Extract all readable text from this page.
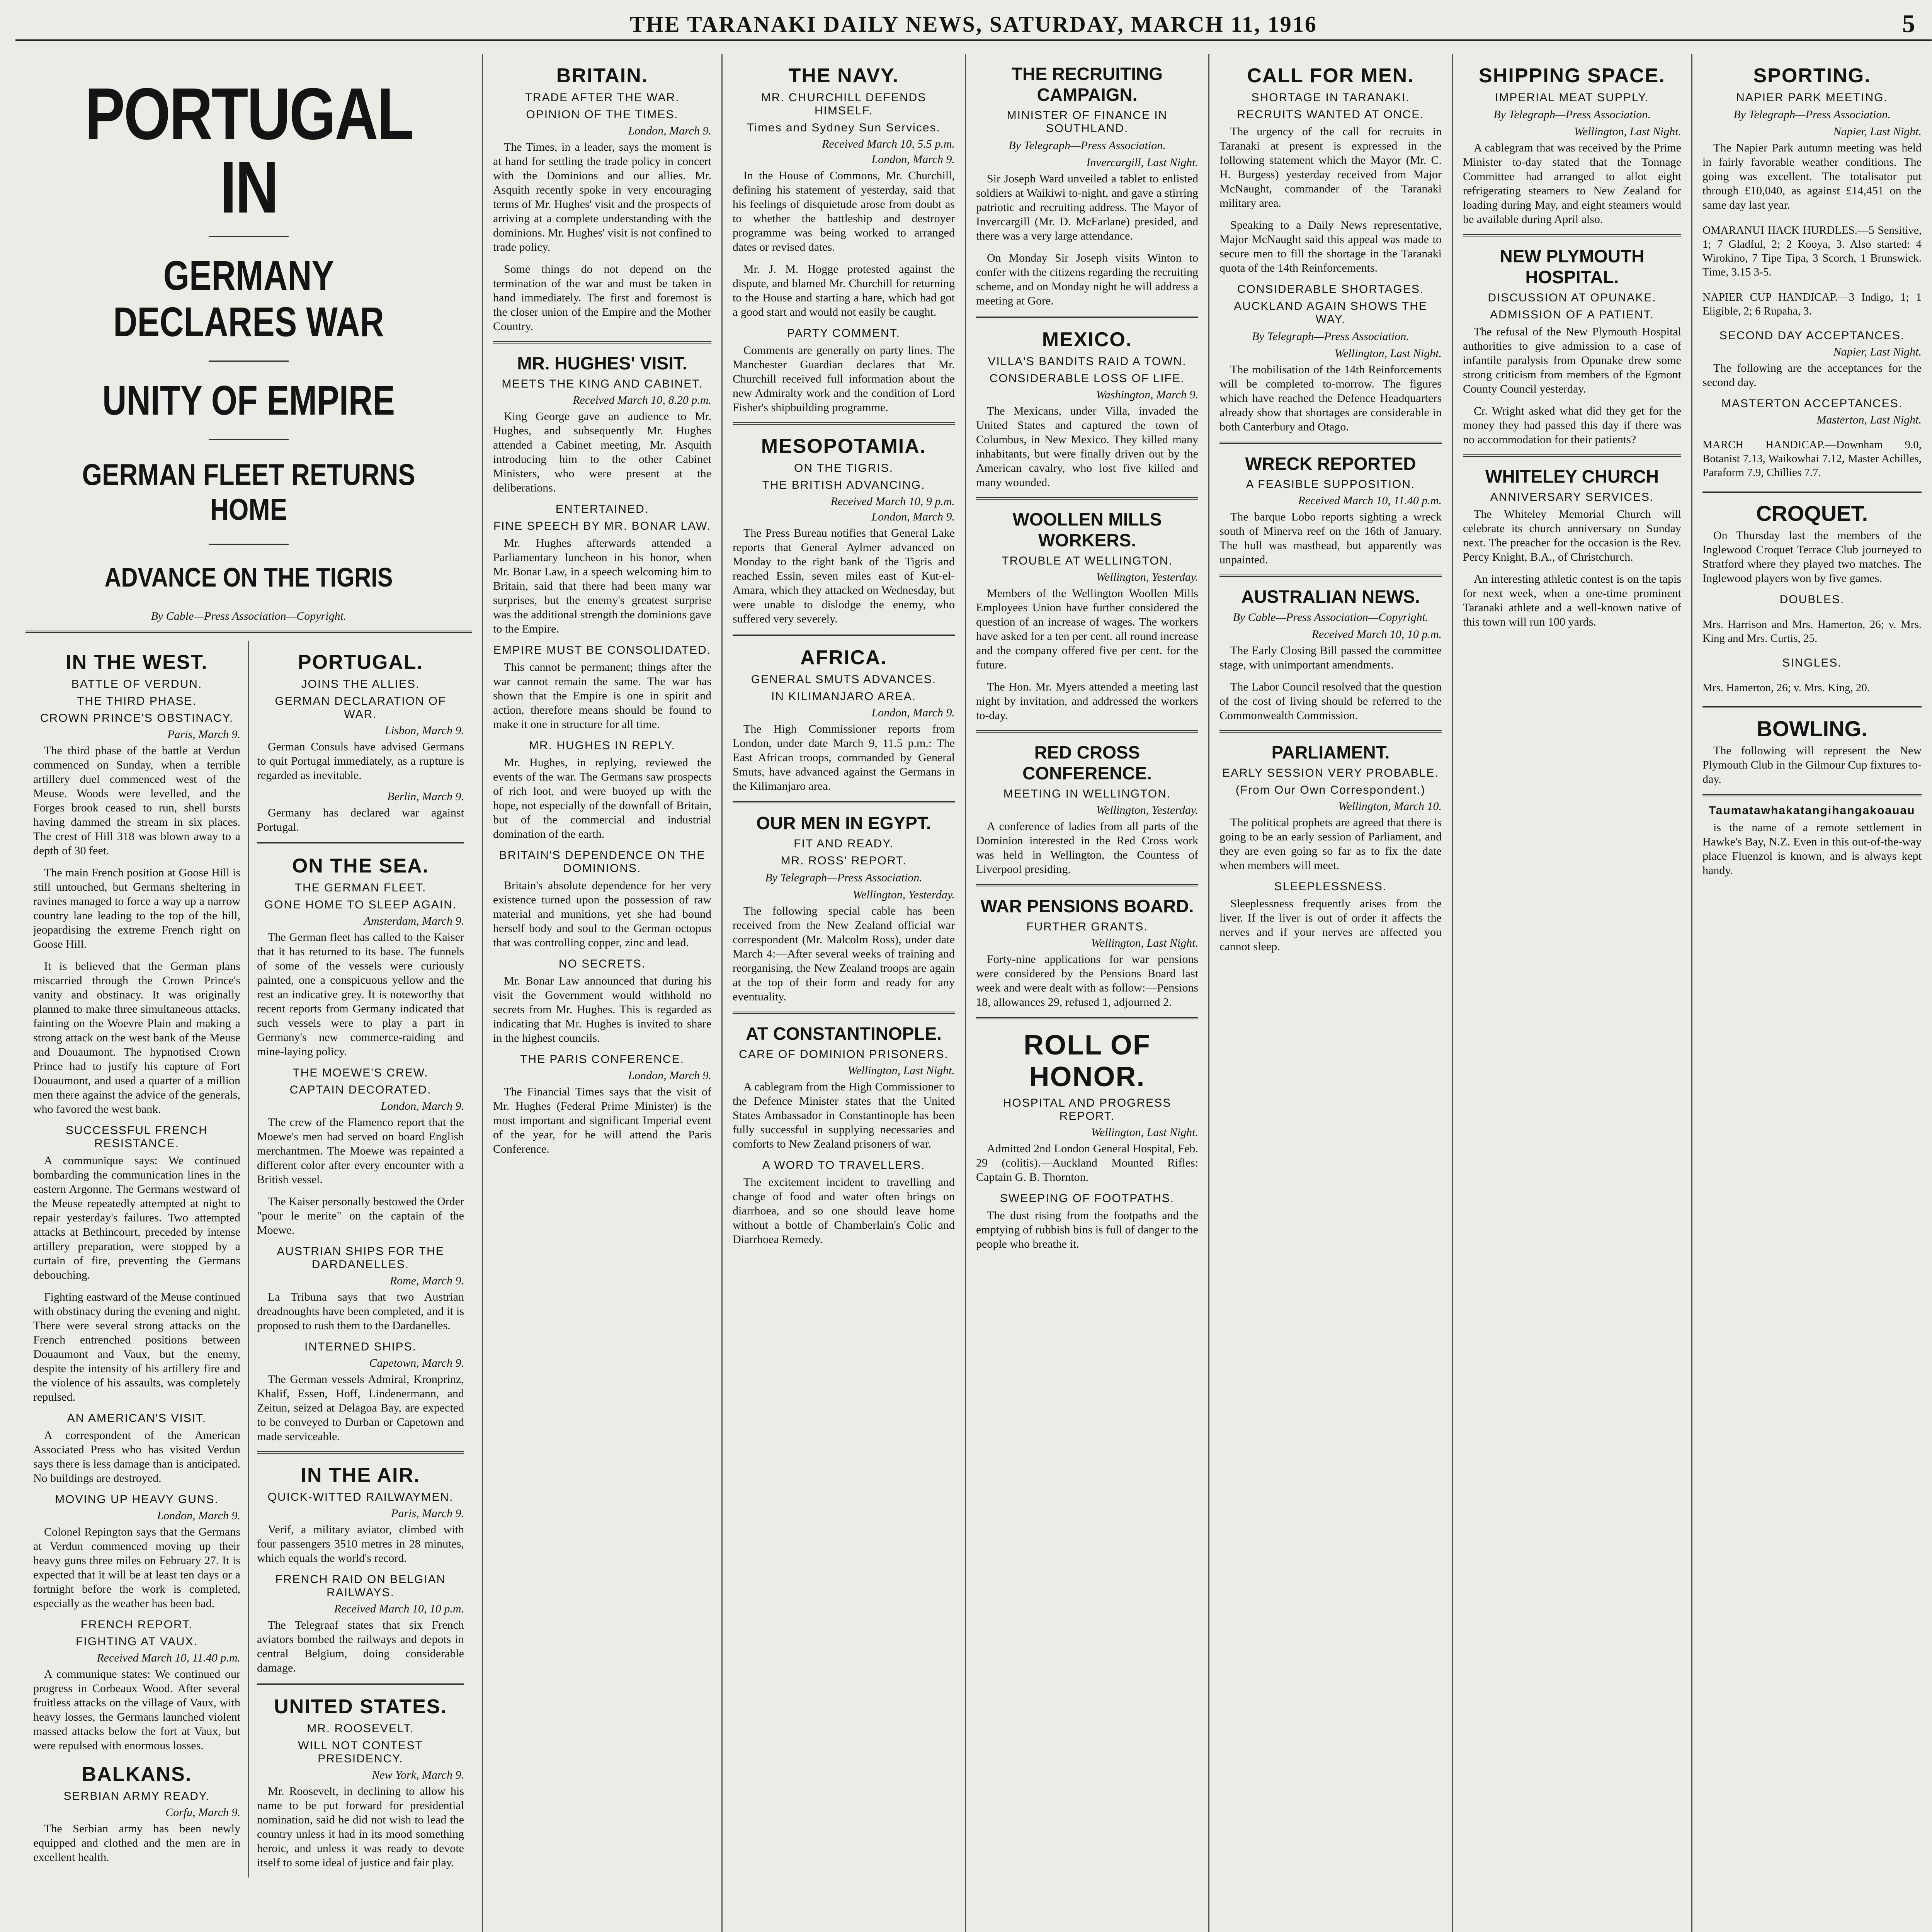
THE TARANAKI DAILY NEWS, SATURDAY, MARCH 11, 1916	5
PORTUGAL IN
GERMANY DECLARES WAR
UNITY OF EMPIRE
GERMAN FLEET RETURNS HOME
ADVANCE ON THE TIGRIS
By Cable—Press Association—Copyright.
IN THE WEST.
BATTLE OF VERDUN.
THE THIRD PHASE.
CROWN PRINCE'S OBSTINACY.
Paris, March 9.

The third phase of the battle at Verdun commenced on Sunday, when a terrible artillery duel commenced west of the Meuse. Woods were levelled, and the Forges brook ceased to run, shell bursts having dammed the stream in six places. The crest of Hill 318 was blown away to a depth of 30 feet.

The main French position at Goose Hill is still untouched, but Germans sheltering in ravines managed to force a way up a narrow country lane leading to the top of the hill, jeopardising the extreme French right on Goose Hill.

It is believed that the German plans miscarried through the Crown Prince's vanity and obstinacy. It was originally planned to make three simultaneous attacks, fainting on the Woevre Plain and making a strong attack on the west bank of the Meuse and Douaumont. The hypnotised Crown Prince had to justify his capture of Fort Douaumont, and used a quarter of a million men there against the advice of the generals, who favored the west bank.

SUCCESSFUL FRENCH RESISTANCE.

A communique says: We continued bombarding the communication lines in the eastern Argonne. The Germans westward of the Meuse repeatedly attempted at night to repair yesterday's failures. Two attempted attacks at Bethincourt, preceded by intense artillery preparation, were stopped by a curtain of fire, preventing the Germans debouching.

Fighting eastward of the Meuse continued with obstinacy during the evening and night. There were several strong attacks on the French entrenched positions between Douaumont and Vaux, but the enemy, despite the intensity of his artillery fire and the violence of his assaults, was completely repulsed.

AN AMERICAN'S VISIT.

A correspondent of the American Associated Press who has visited Verdun says there is less damage than is anticipated. No buildings are destroyed.

MOVING UP HEAVY GUNS.
London, March 9.

Colonel Repington says that the Germans at Verdun commenced moving up their heavy guns three miles on February 27. It is expected that it will be at least ten days or a fortnight before the work is completed, especially as the weather has been bad.

FRENCH REPORT.
FIGHTING AT VAUX.
Received March 10, 11.40 p.m.

A communique states: We continued our progress in Corbeaux Wood. After several fruitless attacks on the village of Vaux, with heavy losses, the Germans launched violent massed attacks below the fort at Vaux, but were repulsed with enormous losses.

BALKANS.
SERBIAN ARMY READY.
Corfu, March 9.

The Serbian army has been newly equipped and clothed and the men are in excellent health.

PORTUGAL.
JOINS THE ALLIES.
GERMAN DECLARATION OF WAR.
Lisbon, March 9.

German Consuls have advised Germans to quit Portugal immediately, as a rupture is regarded as inevitable.

Berlin, March 9.

Germany has declared war against Portugal.

ON THE SEA.
THE GERMAN FLEET.
GONE HOME TO SLEEP AGAIN.
Amsterdam, March 9.

The German fleet has called to the Kaiser that it has returned to its base. The funnels of some of the vessels were curiously painted, one a conspicuous yellow and the rest an indicative grey. It is noteworthy that recent reports from Germany indicated that such vessels were to play a part in Germany's new commerce-raiding and mine-laying policy.

THE MOEWE'S CREW.
CAPTAIN DECORATED.
London, March 9.

The crew of the Flamenco report that the Moewe's men had served on board English merchantmen. The Moewe was repainted a different color after every encounter with a British vessel.

The Kaiser personally bestowed the Order "pour le merite" on the captain of the Moewe.

AUSTRIAN SHIPS FOR THE DARDANELLES.
Rome, March 9.

La Tribuna says that two Austrian dreadnoughts have been completed, and it is proposed to rush them to the Dardanelles.

INTERNED SHIPS.
Capetown, March 9.

The German vessels Admiral, Kronprinz, Khalif, Essen, Hoff, Lindenermann, and Zeitun, seized at Delagoa Bay, are expected to be conveyed to Durban or Capetown and made serviceable.

IN THE AIR.
QUICK-WITTED RAILWAYMEN.
Paris, March 9.

Verif, a military aviator, climbed with four passengers 3510 metres in 28 minutes, which equals the world's record.

FRENCH RAID ON BELGIAN RAILWAYS.
Received March 10, 10 p.m.

The Telegraaf states that six French aviators bombed the railways and depots in central Belgium, doing considerable damage.

UNITED STATES.
MR. ROOSEVELT.
WILL NOT CONTEST PRESIDENCY.
New York, March 9.

Mr. Roosevelt, in declining to allow his name to be put forward for presidential nomination, said he did not wish to lead the country unless it had in its mood something heroic, and unless it was ready to devote itself to some ideal of justice and fair play.

BRITAIN.
TRADE AFTER THE WAR.
OPINION OF THE TIMES.
London, March 9.

The Times, in a leader, says the moment is at hand for settling the trade policy in concert with the Dominions and our allies. Mr. Asquith recently spoke in very encouraging terms of Mr. Hughes' visit and the prospects of arriving at a complete understanding with the dominions. Mr. Hughes' visit is not confined to trade policy.

Some things do not depend on the termination of the war and must be taken in hand immediately. The first and foremost is the closer union of the Empire and the Mother Country.

MR. HUGHES' VISIT.
MEETS THE KING AND CABINET.
Received March 10, 8.20 p.m.

King George gave an audience to Mr. Hughes, and subsequently Mr. Hughes attended a Cabinet meeting, Mr. Asquith introducing him to the other Cabinet Ministers, who were present at the deliberations.

ENTERTAINED.
FINE SPEECH BY MR. BONAR LAW.

Mr. Hughes afterwards attended a Parliamentary luncheon in his honor, when Mr. Bonar Law, in a speech welcoming him to Britain, said that there had been many war surprises, but the enemy's greatest surprise was the additional strength the dominions gave to the Empire.

EMPIRE MUST BE CONSOLIDATED.

This cannot be permanent; things after the war cannot remain the same. The war has shown that the Empire is one in spirit and action, therefore means should be found to make it one in structure for all time.

MR. HUGHES IN REPLY.

Mr. Hughes, in replying, reviewed the events of the war. The Germans saw prospects of rich loot, and were buoyed up with the hope, not especially of the downfall of Britain, but of the commercial and industrial domination of the earth.

BRITAIN'S DEPENDENCE ON THE DOMINIONS.

Britain's absolute dependence for her very existence turned upon the possession of raw material and munitions, yet she had bound herself body and soul to the German octopus that was controlling copper, zinc and lead.

NO SECRETS.

Mr. Bonar Law announced that during his visit the Government would withhold no secrets from Mr. Hughes. This is regarded as indicating that Mr. Hughes is invited to share in the highest councils.

THE PARIS CONFERENCE.
London, March 9.

The Financial Times says that the visit of Mr. Hughes (Federal Prime Minister) is the most important and significant Imperial event of the year, for he will attend the Paris Conference.

THE NAVY.
MR. CHURCHILL DEFENDS HIMSELF.
Times and Sydney Sun Services.
Received March 10, 5.5 p.m.
London, March 9.

In the House of Commons, Mr. Churchill, defining his statement of yesterday, said that his feelings of disquietude arose from doubt as to whether the battleship and destroyer programme was being worked to arranged dates or revised dates.

Mr. J. M. Hogge protested against the dispute, and blamed Mr. Churchill for returning to the House and starting a hare, which had got a good start and would not easily be caught.

PARTY COMMENT.

Comments are generally on party lines. The Manchester Guardian declares that Mr. Churchill received full information about the new Admiralty work and the condition of Lord Fisher's shipbuilding programme.

MESOPOTAMIA.
ON THE TIGRIS.
THE BRITISH ADVANCING.
Received March 10, 9 p.m.
London, March 9.

The Press Bureau notifies that General Lake reports that General Aylmer advanced on Monday to the right bank of the Tigris and reached Essin, seven miles east of Kut-el-Amara, which they attacked on Wednesday, but were unable to dislodge the enemy, who suffered very severely.

AFRICA.
GENERAL SMUTS ADVANCES.
IN KILIMANJARO AREA.
London, March 9.

The High Commissioner reports from London, under date March 9, 11.5 p.m.: The East African troops, commanded by General Smuts, have advanced against the Germans in the Kilimanjaro area.

OUR MEN IN EGYPT.
FIT AND READY.
MR. ROSS' REPORT.
By Telegraph—Press Association.
Wellington, Yesterday.

The following special cable has been received from the New Zealand official war correspondent (Mr. Malcolm Ross), under date March 4:—After several weeks of training and reorganising, the New Zealand troops are again at the top of their form and ready for any eventuality.

AT CONSTANTINOPLE.
CARE OF DOMINION PRISONERS.
Wellington, Last Night.

A cablegram from the High Commissioner to the Defence Minister states that the United States Ambassador in Constantinople has been fully successful in supplying necessaries and comforts to New Zealand prisoners of war.

A WORD TO TRAVELLERS.

The excitement incident to travelling and change of food and water often brings on diarrhoea, and so one should leave home without a bottle of Chamberlain's Colic and Diarrhoea Remedy.

THE RECRUITING CAMPAIGN.
MINISTER OF FINANCE IN SOUTHLAND.
By Telegraph—Press Association.
Invercargill, Last Night.

Sir Joseph Ward unveiled a tablet to enlisted soldiers at Waikiwi to-night, and gave a stirring patriotic and recruiting address. The Mayor of Invercargill (Mr. D. McFarlane) presided, and there was a very large attendance.

On Monday Sir Joseph visits Winton to confer with the citizens regarding the recruiting scheme, and on Monday night he will address a meeting at Gore.

MEXICO.
VILLA'S BANDITS RAID A TOWN.
CONSIDERABLE LOSS OF LIFE.
Washington, March 9.

The Mexicans, under Villa, invaded the United States and captured the town of Columbus, in New Mexico. They killed many inhabitants, but were finally driven out by the American cavalry, who lost five killed and many wounded.

WOOLLEN MILLS WORKERS.
TROUBLE AT WELLINGTON.
Wellington, Yesterday.

Members of the Wellington Woollen Mills Employees Union have further considered the question of an increase of wages. The workers have asked for a ten per cent. all round increase and the company offered five per cent. for the future.

The Hon. Mr. Myers attended a meeting last night by invitation, and addressed the workers to-day.

RED CROSS CONFERENCE.
MEETING IN WELLINGTON.
Wellington, Yesterday.

A conference of ladies from all parts of the Dominion interested in the Red Cross work was held in Wellington, the Countess of Liverpool presiding.

WAR PENSIONS BOARD.
FURTHER GRANTS.
Wellington, Last Night.

Forty-nine applications for war pensions were considered by the Pensions Board last week and were dealt with as follow:—Pensions 18, allowances 29, refused 1, adjourned 2.

ROLL OF HONOR.
HOSPITAL AND PROGRESS REPORT.
Wellington, Last Night.

Admitted 2nd London General Hospital, Feb. 29 (colitis).—Auckland Mounted Rifles: Captain G. B. Thornton.

SWEEPING OF FOOTPATHS.

The dust rising from the footpaths and the emptying of rubbish bins is full of danger to the people who breathe it.

CALL FOR MEN.
SHORTAGE IN TARANAKI.
RECRUITS WANTED AT ONCE.

The urgency of the call for recruits in Taranaki at present is expressed in the following statement which the Mayor (Mr. C. H. Burgess) yesterday received from Major McNaught, commander of the Taranaki military area.

Speaking to a Daily News representative, Major McNaught said this appeal was made to secure men to fill the shortage in the Taranaki quota of the 14th Reinforcements.

CONSIDERABLE SHORTAGES.
AUCKLAND AGAIN SHOWS THE WAY.
By Telegraph—Press Association.
Wellington, Last Night.

The mobilisation of the 14th Reinforcements will be completed to-morrow. The figures which have reached the Defence Headquarters already show that shortages are considerable in both Canterbury and Otago.

WRECK REPORTED
A FEASIBLE SUPPOSITION.
Received March 10, 11.40 p.m.

The barque Lobo reports sighting a wreck south of Minerva reef on the 16th of January. The hull was masthead, but apparently was unpainted.

AUSTRALIAN NEWS.
By Cable—Press Association—Copyright.
Received March 10, 10 p.m.

The Early Closing Bill passed the committee stage, with unimportant amendments.

The Labor Council resolved that the question of the cost of living should be referred to the Commonwealth Commission.

PARLIAMENT.
EARLY SESSION VERY PROBABLE.
(From Our Own Correspondent.)
Wellington, March 10.

The political prophets are agreed that there is going to be an early session of Parliament, and they are even going so far as to fix the date when members will meet.

SLEEPLESSNESS.

Sleeplessness frequently arises from the liver. If the liver is out of order it affects the nerves and if your nerves are affected you cannot sleep.

SHIPPING SPACE.
IMPERIAL MEAT SUPPLY.
By Telegraph—Press Association.
Wellington, Last Night.

A cablegram that was received by the Prime Minister to-day stated that the Tonnage Committee had arranged to allot eight refrigerating steamers to New Zealand for loading during May, and eight steamers would be available during April also.

NEW PLYMOUTH HOSPITAL.
DISCUSSION AT OPUNAKE.
ADMISSION OF A PATIENT.

The refusal of the New Plymouth Hospital authorities to give admission to a case of infantile paralysis from Opunake drew some strong criticism from members of the Egmont County Council yesterday.

Cr. Wright asked what did they get for the money they had passed this day if there was no accommodation for their patients?

WHITELEY CHURCH
ANNIVERSARY SERVICES.

The Whiteley Memorial Church will celebrate its church anniversary on Sunday next. The preacher for the occasion is the Rev. Percy Knight, B.A., of Christchurch.

An interesting athletic contest is on the tapis for next week, when a one-time prominent Taranaki athlete and a well-known native of this town will run 100 yards.

SPORTING.
NAPIER PARK MEETING.
By Telegraph—Press Association.
Napier, Last Night.

The Napier Park autumn meeting was held in fairly favorable weather conditions. The going was excellent. The totalisator put through £10,040, as against £14,451 on the same day last year.

OMARANUI HACK HURDLES.—5 Sensitive, 1; 7 Gladful, 2; 2 Kooya, 3. Also started: 4 Wirokino, 7 Tipe Tipa, 3 Scorch, 1 Brunswick. Time, 3.15 3-5.

NAPIER CUP HANDICAP.—3 Indigo, 1; 1 Eligible, 2; 6 Rupaha, 3.

SECOND DAY ACCEPTANCES.
Napier, Last Night.

The following are the acceptances for the second day.

MASTERTON ACCEPTANCES.
Masterton, Last Night.

MARCH HANDICAP.—Downham 9.0, Botanist 7.13, Waikowhai 7.12, Master Achilles, Paraform 7.9, Chillies 7.7.

CROQUET.

On Thursday last the members of the Inglewood Croquet Terrace Club journeyed to Stratford where they played two matches. The Inglewood players won by five games.

DOUBLES.

Mrs. Harrison and Mrs. Hamerton, 26; v. Mrs. King and Mrs. Curtis, 25.

SINGLES.

Mrs. Hamerton, 26; v. Mrs. King, 20.

BOWLING.

The following will represent the New Plymouth Club in the Gilmour Cup fixtures to-day.

Taumatawhakatangihangakoauau

is the name of a remote settlement in Hawke's Bay, N.Z. Even in this out-of-the-way place Fluenzol is known, and is always kept handy.
